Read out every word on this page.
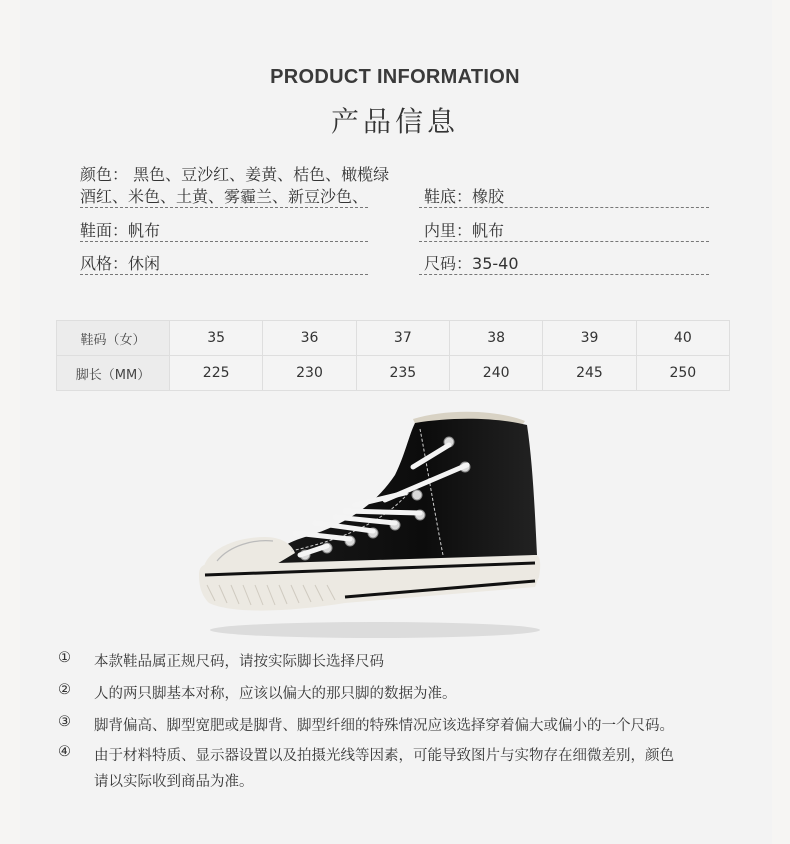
PRODUCT INFORMATION
产品信息
颜色： 黑色、豆沙红、姜黄、桔色、橄榄绿
酒红、米色、土黄、雾霾兰、新豆沙色、	鞋底：橡胶
鞋面：帆布	内里：帆布
风格：休闲	尺码：35-40
鞋码（女）	35	36	37	38	39	40
脚长（MM）	225	230	235	240	245	250
① 本款鞋品属正规尺码，请按实际脚长选择尺码
② 人的两只脚基本对称，应该以偏大的那只脚的数据为准。
③ 脚背偏高、脚型宽肥或是脚背、脚型纤细的特殊情况应该选择穿着偏大或偏小的一个尺码。
④ 由于材料特质、显示器设置以及拍摄光线等因素，可能导致图片与实物存在细微差别，颜色
请以实际收到商品为准。
